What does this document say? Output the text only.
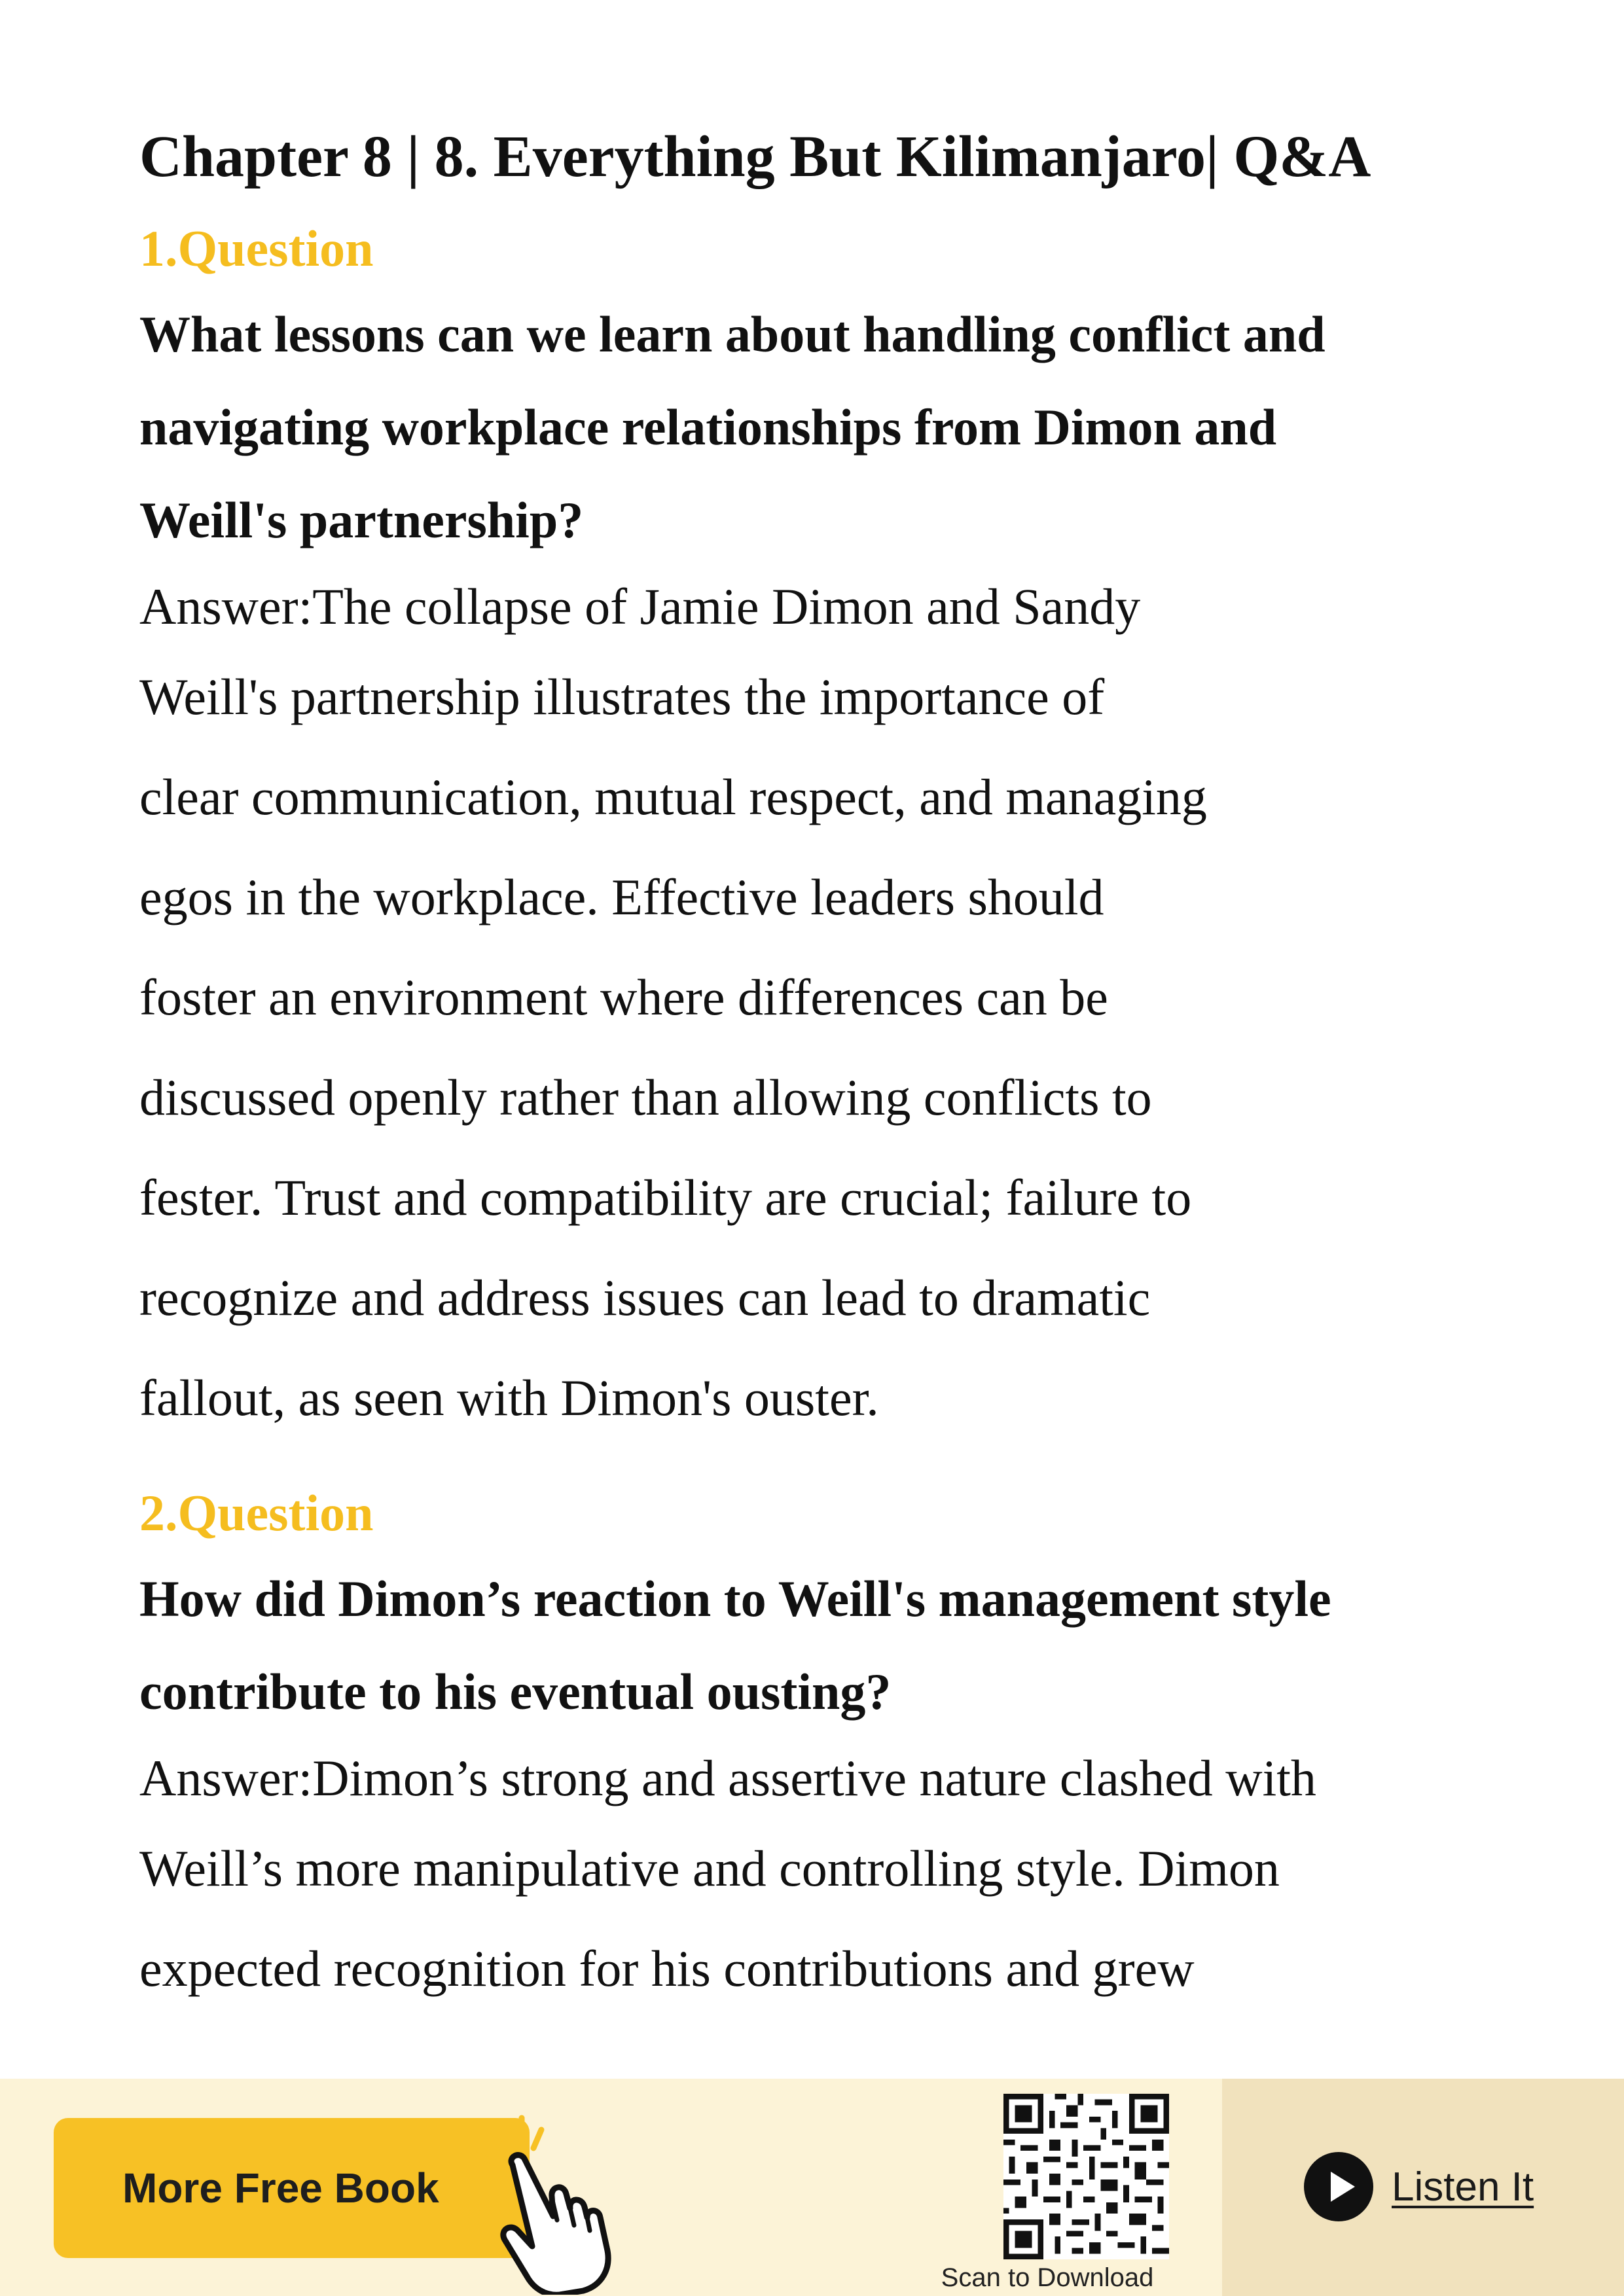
Chapter 8 | 8. Everything But Kilimanjaro| Q&A

1.Question

What lessons can we learn about handling conflict and
navigating workplace relationships from Dimon and
Weill's partnership?

Answer:The collapse of Jamie Dimon and Sandy
Weill's partnership illustrates the importance of
clear communication, mutual respect, and managing
egos in the workplace. Effective leaders should
foster an environment where differences can be
discussed openly rather than allowing conflicts to
fester. Trust and compatibility are crucial; failure to
recognize and address issues can lead to dramatic
fallout, as seen with Dimon's ouster.

2.Question

How did Dimon’s reaction to Weill's management style
contribute to his eventual ousting?

Answer:Dimon’s strong and assertive nature clashed with
Weill’s more manipulative and controlling style. Dimon
expected recognition for his contributions and grew

More Free Book
Scan to Download
Listen It
